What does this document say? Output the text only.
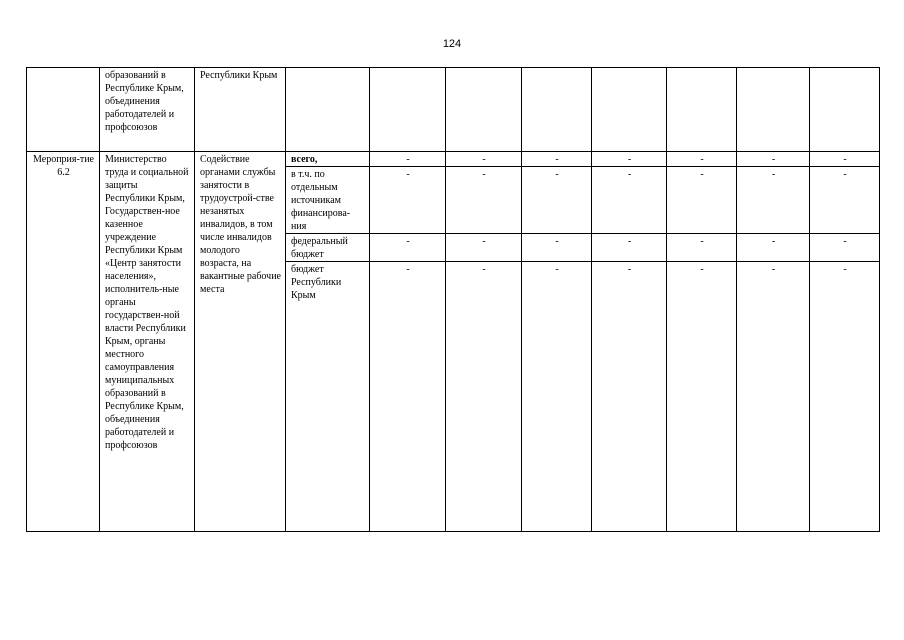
124
	образований в Республике Крым, объединения работодателей и профсоюзов	Республики Крым								
Мероприя-тие 6.2	Министерство труда и социальной защиты Республики Крым, Государствен-ное казенное учреждение Республики Крым «Центр занятости населения», исполнитель-ные органы государствен-ной власти Республики Крым, органы местного самоуправления муниципальных образований в Республике Крым, объединения работодателей и профсоюзов	Содействие органами службы занятости в трудоустрой-стве незанятых инвалидов, в том числе инвалидов молодого возраста, на вакантные рабочие места	всего,	-	-	-	-	-	-	-
			в т.ч. по отдельным источникам финансирова-ния	-	-	-	-	-	-	-
			федеральный бюджет	-	-	-	-	-	-	-
			бюджет Республики Крым	-	-	-	-	-	-	-
